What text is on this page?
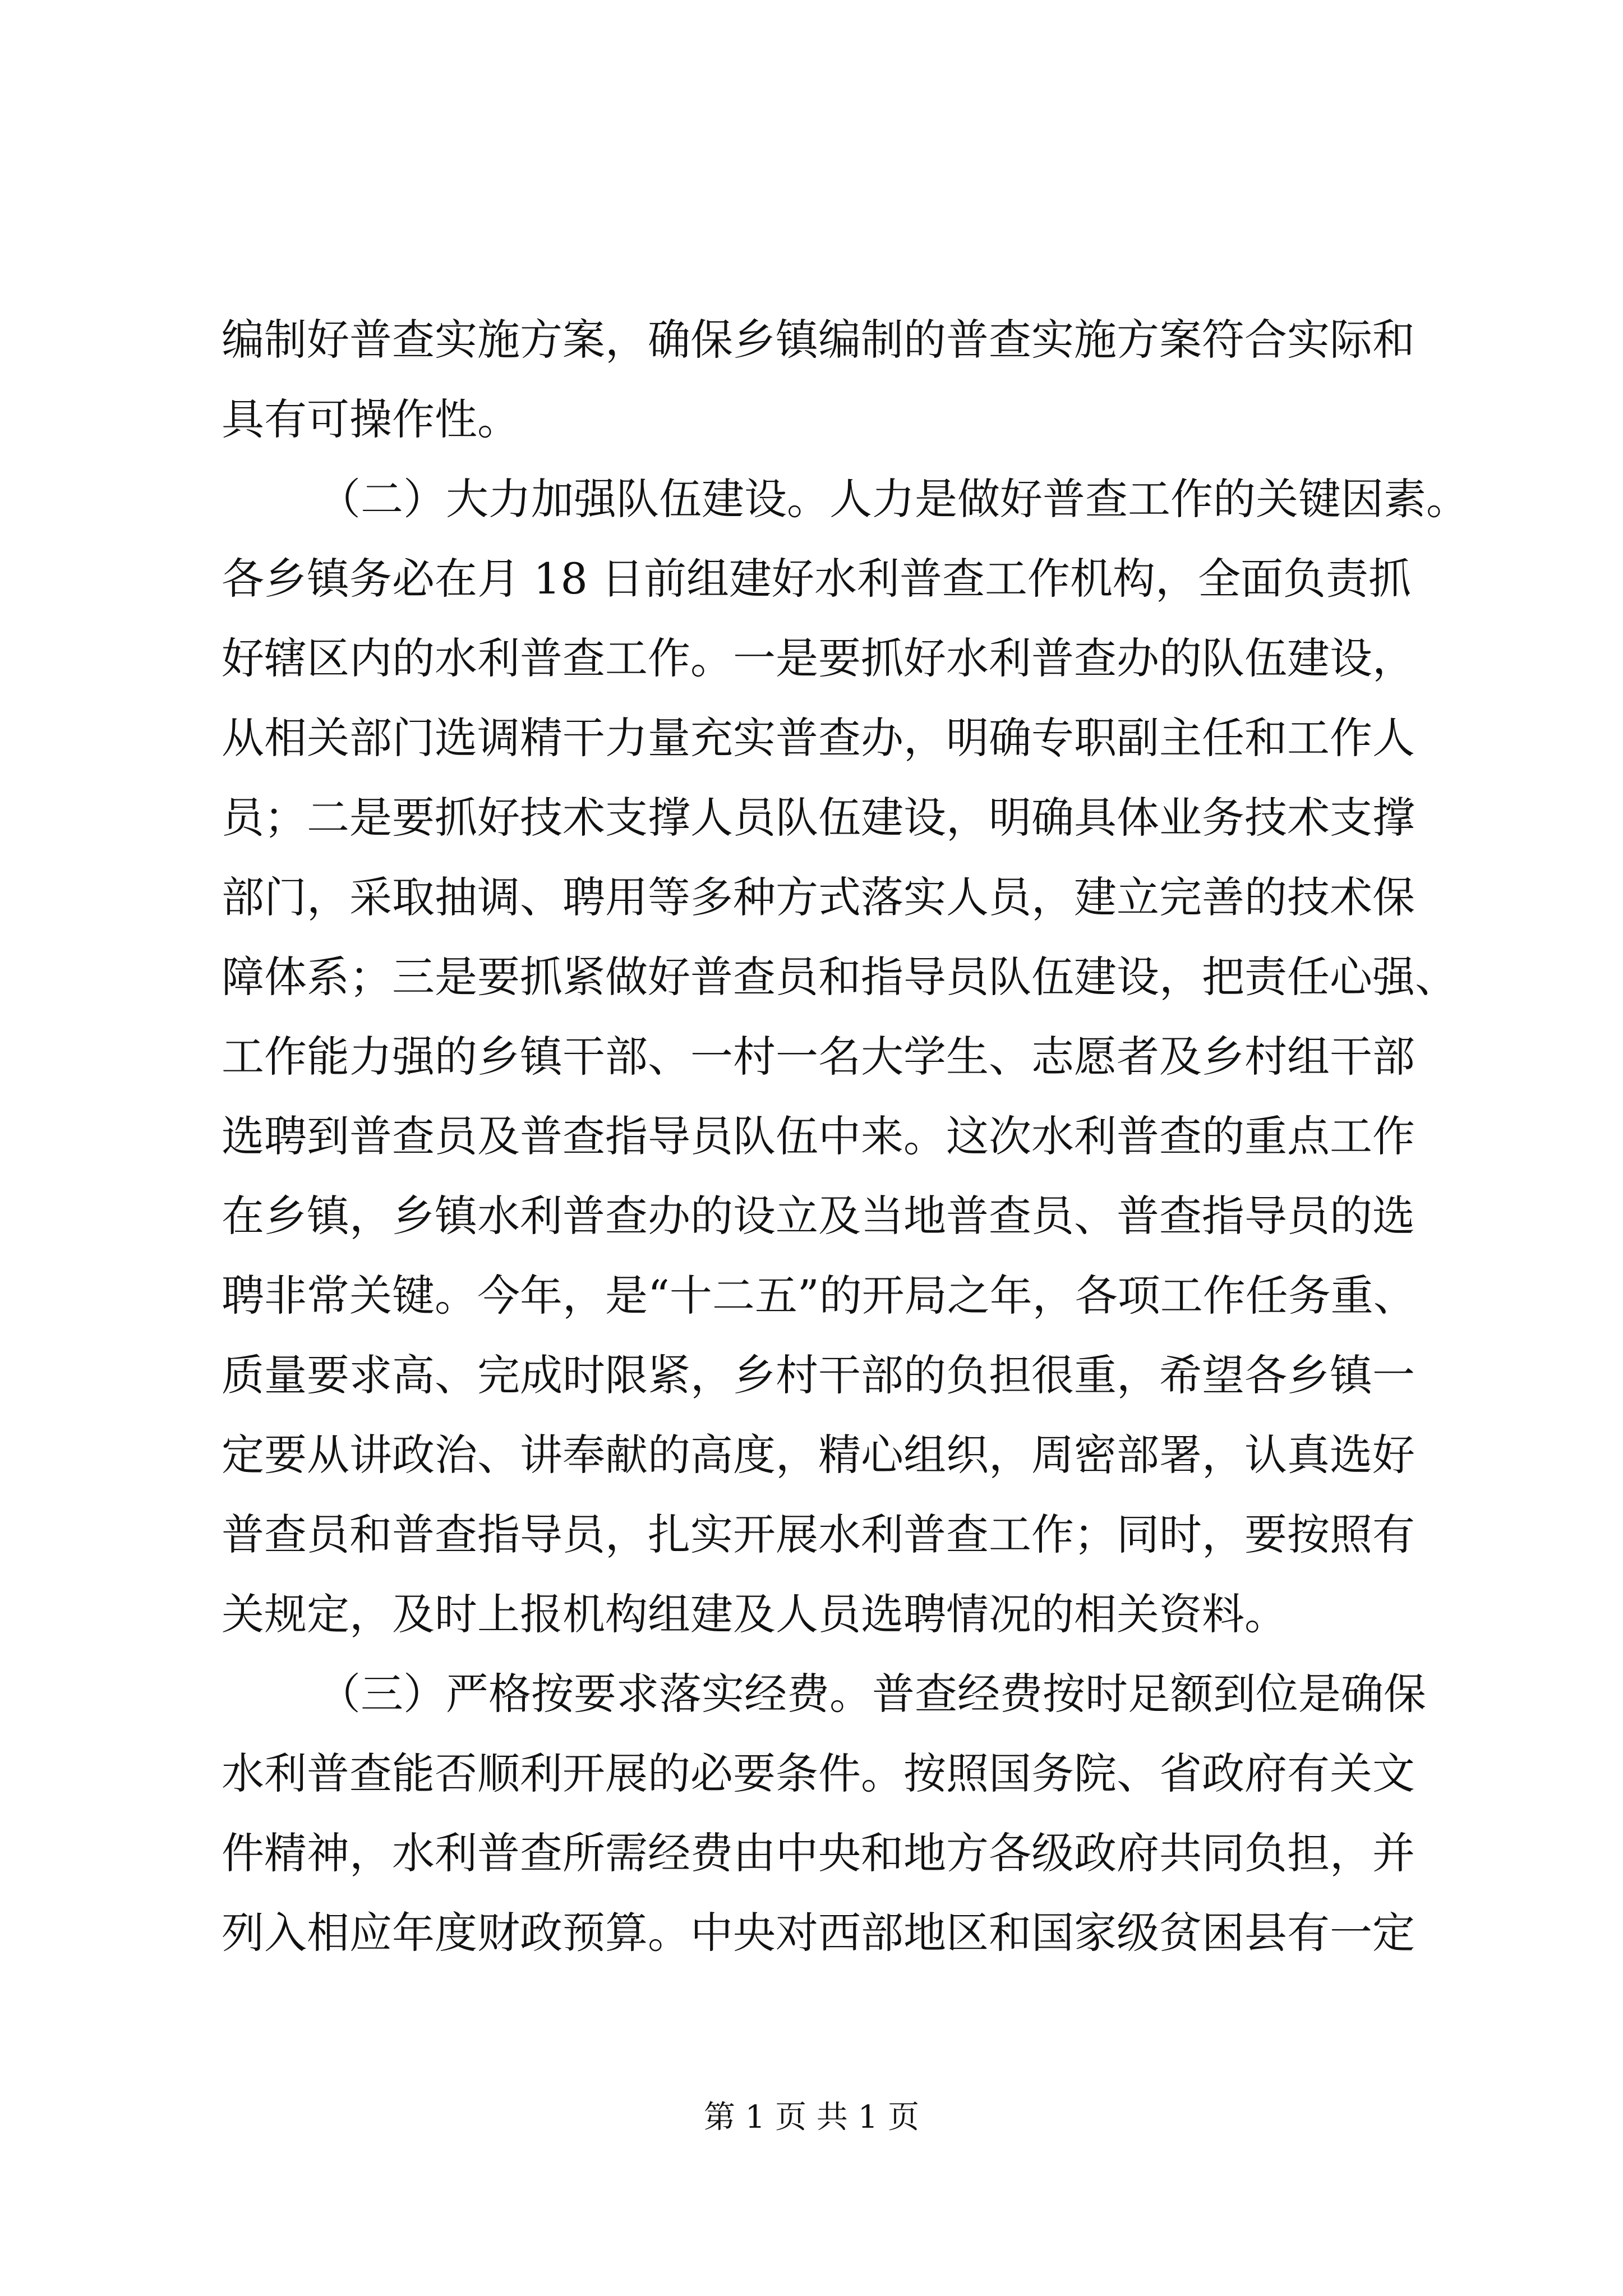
编制好普查实施方案，确保乡镇编制的普查实施方案符合实际和
具有可操作性。
（二）大力加强队伍建设。人力是做好普查工作的关键因素。
各乡镇务必在月 18 日前组建好水利普查工作机构，全面负责抓
好辖区内的水利普查工作。一是要抓好水利普查办的队伍建设，
从相关部门选调精干力量充实普查办，明确专职副主任和工作人
员；二是要抓好技术支撑人员队伍建设，明确具体业务技术支撑
部门，采取抽调、聘用等多种方式落实人员，建立完善的技术保
障体系；三是要抓紧做好普查员和指导员队伍建设，把责任心强、
工作能力强的乡镇干部、一村一名大学生、志愿者及乡村组干部
选聘到普查员及普查指导员队伍中来。这次水利普查的重点工作
在乡镇，乡镇水利普查办的设立及当地普查员、普查指导员的选
聘非常关键。今年，是“十二五”的开局之年，各项工作任务重、
质量要求高、完成时限紧，乡村干部的负担很重，希望各乡镇一
定要从讲政治、讲奉献的高度，精心组织，周密部署，认真选好
普查员和普查指导员，扎实开展水利普查工作；同时，要按照有
关规定，及时上报机构组建及人员选聘情况的相关资料。
（三）严格按要求落实经费。普查经费按时足额到位是确保
水利普查能否顺利开展的必要条件。按照国务院、省政府有关文
件精神，水利普查所需经费由中央和地方各级政府共同负担，并
列入相应年度财政预算。中央对西部地区和国家级贫困县有一定
第 1 页 共 1 页
